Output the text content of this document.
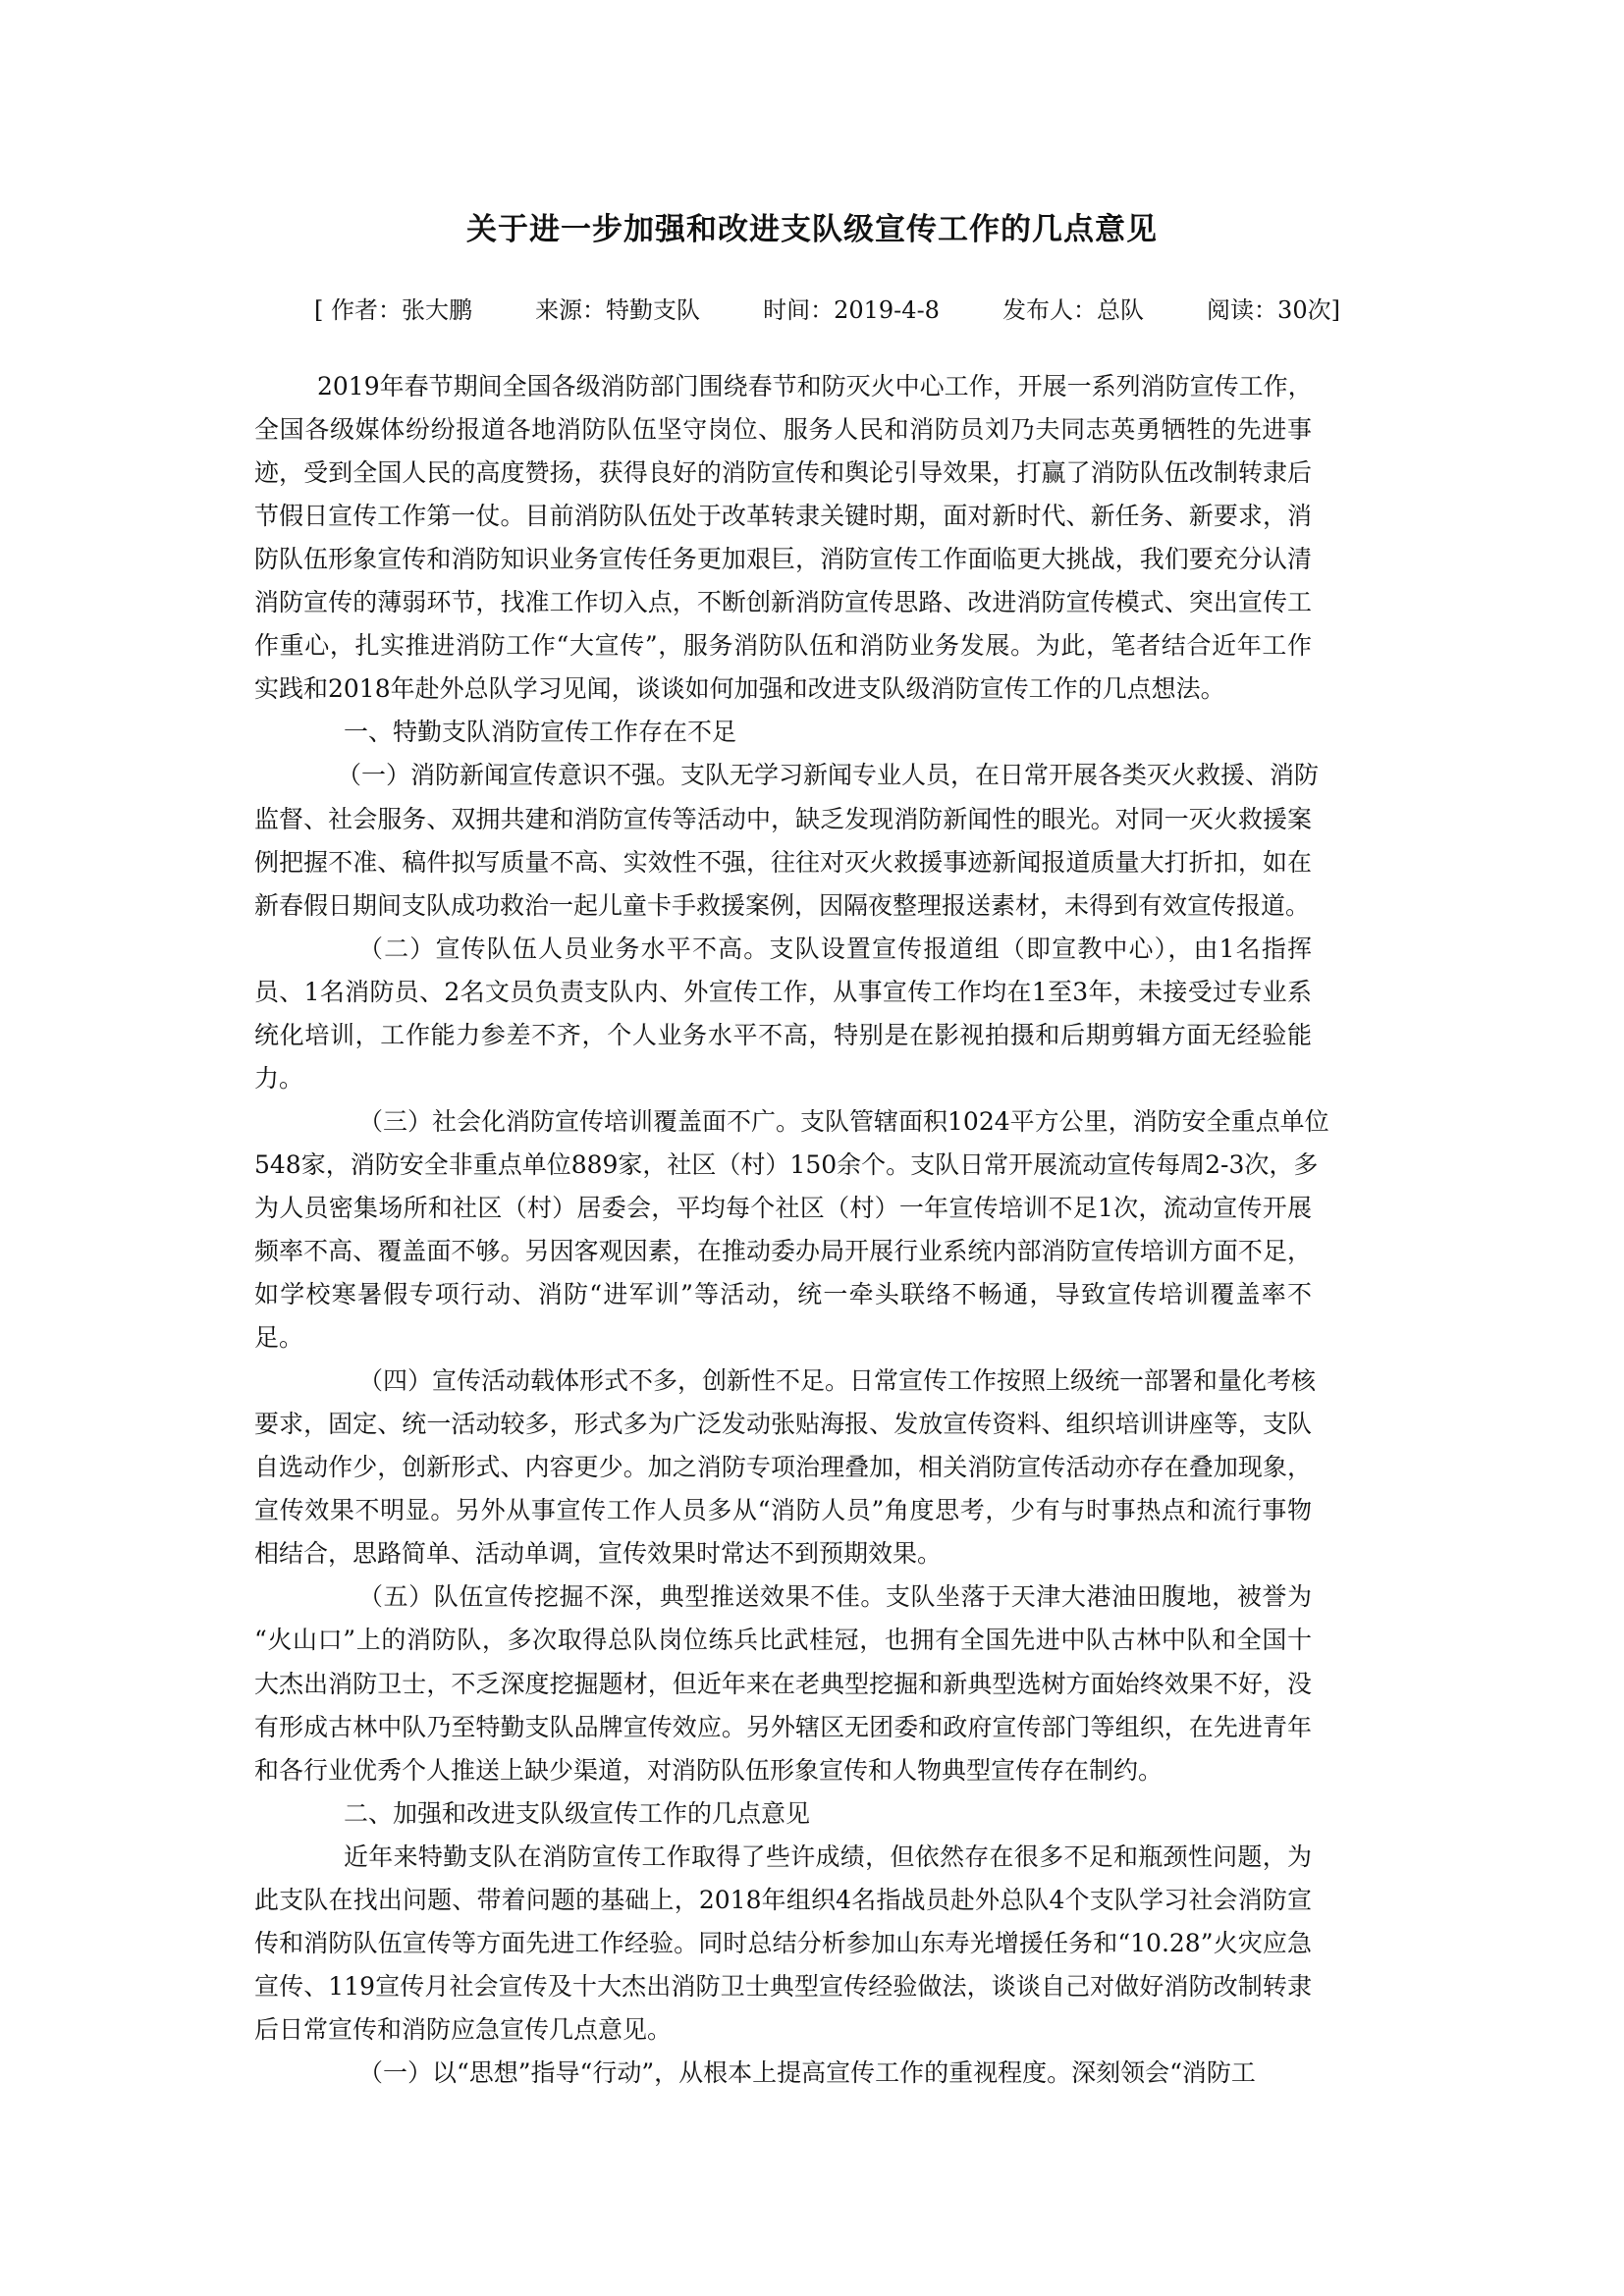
关于进一步加强和改进支队级宣传工作的几点意见
[ 作者：张大鹏	来源：特勤支队	时间：2019-4-8	发布人：总队	阅读：30次]
2019年春节期间全国各级消防部门围绕春节和防灭火中心工作，开展一系列消防宣传工作，
全国各级媒体纷纷报道各地消防队伍坚守岗位、服务人民和消防员刘乃夫同志英勇牺牲的先进事
迹，受到全国人民的高度赞扬，获得良好的消防宣传和舆论引导效果，打赢了消防队伍改制转隶后
节假日宣传工作第一仗。目前消防队伍处于改革转隶关键时期，面对新时代、新任务、新要求，消
防队伍形象宣传和消防知识业务宣传任务更加艰巨，消防宣传工作面临更大挑战，我们要充分认清
消防宣传的薄弱环节，找准工作切入点，不断创新消防宣传思路、改进消防宣传模式、突出宣传工
作重心，扎实推进消防工作“大宣传”，服务消防队伍和消防业务发展。为此，笔者结合近年工作
实践和2018年赴外总队学习见闻，谈谈如何加强和改进支队级消防宣传工作的几点想法。
一、特勤支队消防宣传工作存在不足
（一）消防新闻宣传意识不强。支队无学习新闻专业人员，在日常开展各类灭火救援、消防
监督、社会服务、双拥共建和消防宣传等活动中，缺乏发现消防新闻性的眼光。对同一灭火救援案
例把握不准、稿件拟写质量不高、实效性不强，往往对灭火救援事迹新闻报道质量大打折扣，如在
新春假日期间支队成功救治一起儿童卡手救援案例，因隔夜整理报送素材，未得到有效宣传报道。
（二）宣传队伍人员业务水平不高。支队设置宣传报道组（即宣教中心），由1名指挥
员、1名消防员、2名文员负责支队内、外宣传工作，从事宣传工作均在1至3年，未接受过专业系
统化培训，工作能力参差不齐，个人业务水平不高，特别是在影视拍摄和后期剪辑方面无经验能
力。
（三）社会化消防宣传培训覆盖面不广。支队管辖面积1024平方公里，消防安全重点单位
548家，消防安全非重点单位889家，社区（村）150余个。支队日常开展流动宣传每周2-3次，多
为人员密集场所和社区（村）居委会，平均每个社区（村）一年宣传培训不足1次，流动宣传开展
频率不高、覆盖面不够。另因客观因素，在推动委办局开展行业系统内部消防宣传培训方面不足，
如学校寒暑假专项行动、消防“进军训”等活动，统一牵头联络不畅通，导致宣传培训覆盖率不
足。
（四）宣传活动载体形式不多，创新性不足。日常宣传工作按照上级统一部署和量化考核
要求，固定、统一活动较多，形式多为广泛发动张贴海报、发放宣传资料、组织培训讲座等，支队
自选动作少，创新形式、内容更少。加之消防专项治理叠加，相关消防宣传活动亦存在叠加现象，
宣传效果不明显。另外从事宣传工作人员多从“消防人员”角度思考，少有与时事热点和流行事物
相结合，思路简单、活动单调，宣传效果时常达不到预期效果。
（五）队伍宣传挖掘不深，典型推送效果不佳。支队坐落于天津大港油田腹地，被誉为
“火山口”上的消防队，多次取得总队岗位练兵比武桂冠，也拥有全国先进中队古林中队和全国十
大杰出消防卫士，不乏深度挖掘题材，但近年来在老典型挖掘和新典型选树方面始终效果不好，没
有形成古林中队乃至特勤支队品牌宣传效应。另外辖区无团委和政府宣传部门等组织，在先进青年
和各行业优秀个人推送上缺少渠道，对消防队伍形象宣传和人物典型宣传存在制约。
二、加强和改进支队级宣传工作的几点意见
近年来特勤支队在消防宣传工作取得了些许成绩，但依然存在很多不足和瓶颈性问题，为
此支队在找出问题、带着问题的基础上，2018年组织4名指战员赴外总队4个支队学习社会消防宣
传和消防队伍宣传等方面先进工作经验。同时总结分析参加山东寿光增援任务和“10.28”火灾应急
宣传、119宣传月社会宣传及十大杰出消防卫士典型宣传经验做法，谈谈自己对做好消防改制转隶
后日常宣传和消防应急宣传几点意见。
（一）以“思想”指导“行动”，从根本上提高宣传工作的重视程度。深刻领会“消防工
